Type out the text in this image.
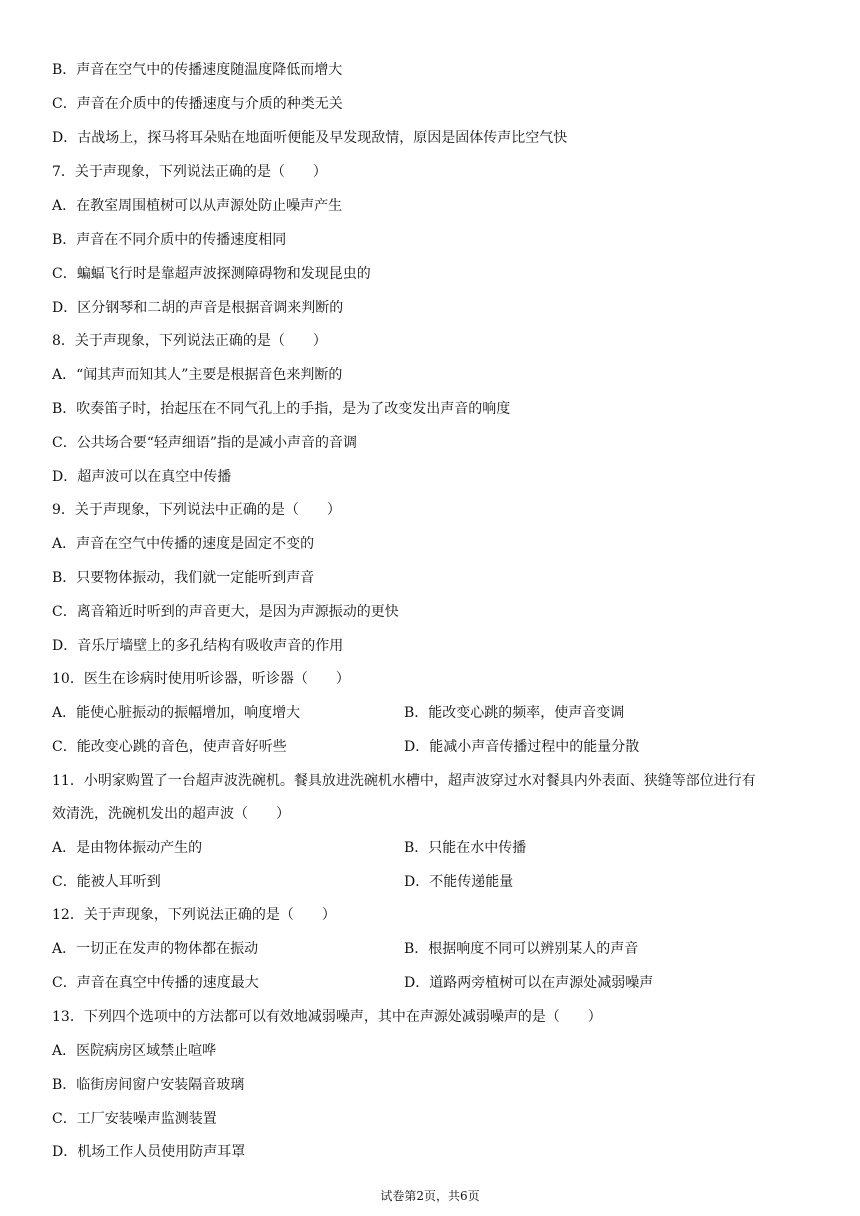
B．声音在空气中的传播速度随温度降低而增大
C．声音在介质中的传播速度与介质的种类无关
D．古战场上，探马将耳朵贴在地面听便能及早发现敌情，原因是固体传声比空气快
7．关于声现象，下列说法正确的是（　　）
A．在教室周围植树可以从声源处防止噪声产生
B．声音在不同介质中的传播速度相同
C．蝙蝠飞行时是靠超声波探测障碍物和发现昆虫的
D．区分钢琴和二胡的声音是根据音调来判断的
8．关于声现象，下列说法正确的是（　　）
A．“闻其声而知其人”主要是根据音色来判断的
B．吹奏笛子时，抬起压在不同气孔上的手指，是为了改变发出声音的响度
C．公共场合要“轻声细语”指的是减小声音的音调
D．超声波可以在真空中传播
9．关于声现象，下列说法中正确的是（　　）
A．声音在空气中传播的速度是固定不变的
B．只要物体振动，我们就一定能听到声音
C．离音箱近时听到的声音更大，是因为声源振动的更快
D．音乐厅墙壁上的多孔结构有吸收声音的作用
10．医生在诊病时使用听诊器，听诊器（　　）
A．能使心脏振动的振幅增加，响度增大	B．能改变心跳的频率，使声音变调
C．能改变心跳的音色，使声音好听些	D．能减小声音传播过程中的能量分散
11．小明家购置了一台超声波洗碗机。餐具放进洗碗机水槽中，超声波穿过水对餐具内外表面、狭缝等部位进行有
效清洗，洗碗机发出的超声波（　　）
A．是由物体振动产生的	B．只能在水中传播
C．能被人耳听到	D．不能传递能量
12．关于声现象，下列说法正确的是（　　）
A．一切正在发声的物体都在振动	B．根据响度不同可以辨别某人的声音
C．声音在真空中传播的速度最大	D．道路两旁植树可以在声源处减弱噪声
13．下列四个选项中的方法都可以有效地减弱噪声，其中在声源处减弱噪声的是（　　）
A．医院病房区域禁止喧哗
B．临街房间窗户安装隔音玻璃
C．工厂安装噪声监测装置
D．机场工作人员使用防声耳罩
试卷第2页，共6页
